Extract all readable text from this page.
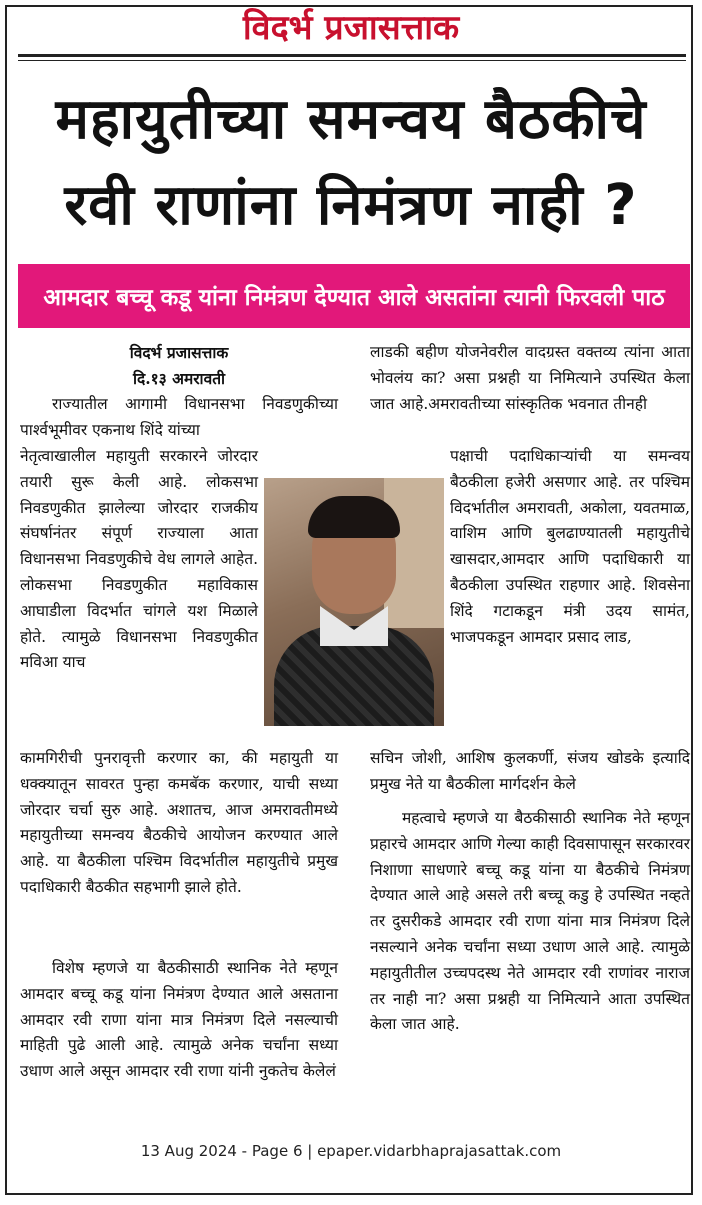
विदर्भ प्रजासत्ताक
महायुतीच्या समन्वय बैठकीचे
रवी राणांना निमंत्रण नाही ?
आमदार बच्चू कडू यांना निमंत्रण देण्यात आले असतांना त्यानी फिरवली पाठ
विदर्भ प्रजासत्ताक
दि.१३ अमरावती

राज्यातील आगामी विधानसभा निवडणुकीच्या पार्श्वभूमीवर एकनाथ शिंदे यांच्या

नेतृत्वाखालील महायुती सरकारने जोरदार तयारी सुरू केली आहे. लोकसभा निवडणुकीत झालेल्या जोरदार राजकीय संघर्षानंतर संपूर्ण राज्याला आता विधानसभा निवडणुकीचे वेध लागले आहेत. लोकसभा निवडणुकीत महाविकास आघाडीला विदर्भात चांगले यश मिळाले होते. त्यामुळे विधानसभा निवडणुकीत मविआ याच

कामगिरीची पुनरावृत्ती करणार का, की महायुती या धक्क्यातून सावरत पुन्हा कमबॅक करणार, याची सध्या जोरदार चर्चा सुरु आहे. अशातच, आज अमरावतीमध्ये महायुतीच्या समन्वय बैठकीचे आयोजन करण्यात आले आहे. या बैठकीला पश्चिम विदर्भातील महायुतीचे प्रमुख पदाधिकारी बैठकीत सहभागी झाले होते.

विशेष म्हणजे या बैठकीसाठी स्थानिक नेते म्हणून आमदार बच्चू कडू यांना निमंत्रण देण्यात आले असताना आमदार रवी राणा यांना मात्र निमंत्रण दिले नसल्याची माहिती पुढे आली आहे. त्यामुळे अनेक चर्चांना सध्या उधाण आले असून आमदार रवी राणा यांनी नुकतेच केलेलं

लाडकी बहीण योजनेवरील वादग्रस्त वक्तव्य त्यांना आता भोवलंय का? असा प्रश्नही या निमित्याने उपस्थित केला जात आहे.अमरावतीच्या सांस्कृतिक भवनात तीनही

पक्षाची पदाधिकाऱ्यांची या समन्वय बैठकीला हजेरी असणार आहे. तर पश्चिम विदर्भातील अमरावती, अकोला, यवतमाळ, वाशिम आणि बुलढाण्यातली महायुतीचे खासदार,आमदार आणि पदाधिकारी या बैठकीला उपस्थित राहणार आहे. शिवसेना शिंदे गटाकडून मंत्री उदय सामंत, भाजपकडून आमदार प्रसाद लाड,

सचिन जोशी, आशिष कुलकर्णी, संजय खोडके इत्यादि प्रमुख नेते या बैठकीला मार्गदर्शन केले

महत्वाचे म्हणजे या बैठकीसाठी स्थानिक नेते म्हणून प्रहारचे आमदार आणि गेल्या काही दिवसापासून सरकारवर निशाणा साधणारे बच्चू कडू यांना या बैठकीचे निमंत्रण देण्यात आले आहे असले तरी बच्चू कडु हे उपस्थित नव्हते तर दुसरीकडे आमदार रवी राणा यांना मात्र निमंत्रण दिले नसल्याने अनेक चर्चांना सध्या उधाण आले आहे. त्यामुळे महायुतीतील उच्चपदस्थ नेते आमदार रवी राणांवर नाराज तर नाही ना? असा प्रश्नही या निमित्याने आता उपस्थित केला जात आहे.

13 Aug 2024 - Page 6 | epaper.vidarbhaprajasattak.com
